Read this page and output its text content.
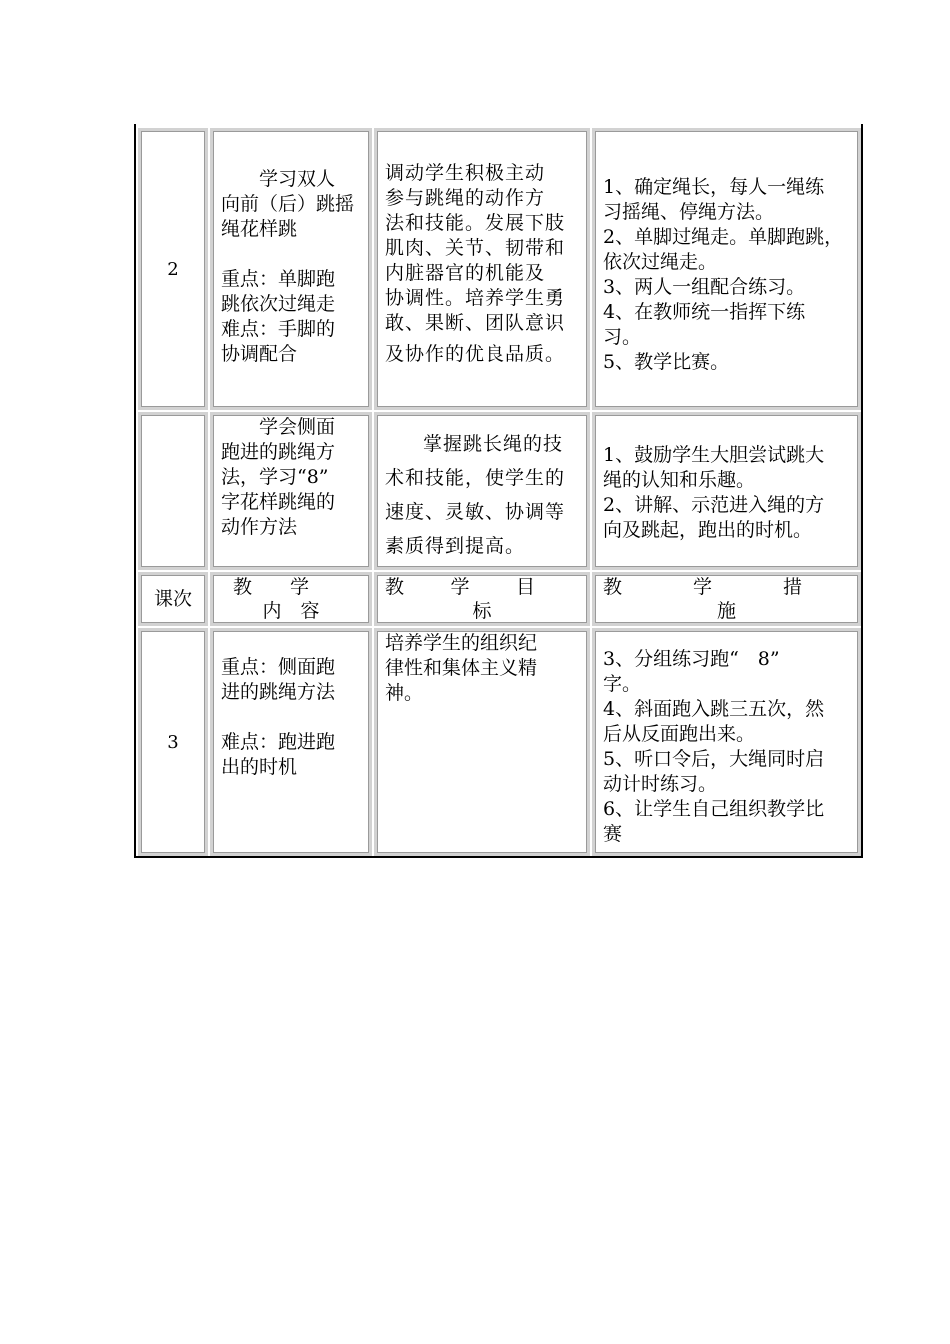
2

学习双人

向前（后）跳摇

绳花样跳

重点：单脚跑

跳依次过绳走

难点：手脚的

协调配合

调动学生积极主动

参与跳绳的动作方

法和技能。发展下肢

肌肉、关节、韧带和

内脏器官的机能及

协调性。培养学生勇

敢、果断、团队意识

及协作的优良品质。

1、确定绳长，每人一绳练

习摇绳、停绳方法。

2、单脚过绳走。单脚跑跳，

依次过绳走。

3、两人一组配合练习。

4、在教师统一指挥下练

习。

5、教学比赛。

学会侧面

跑进的跳绳方

法，学习“8”

字花样跳绳的

动作方法

掌握跳长绳的技

术和技能，使学生的

速度、灵敏、协调等

素质得到提高。

1、鼓励学生大胆尝试跳大

绳的认知和乐趣。

2、讲解、示范进入绳的方

向及跳起，跑出的时机。

课次
教 学
内　容
教 学 目
标
教	学	措
施
3

重点：侧面跑

进的跳绳方法

难点：跑进跑

出的时机

培养学生的组织纪

律性和集体主义精

神。

3、分组练习跑“　8”

字。

4、斜面跑入跳三五次，然

后从反面跑出来。

5、听口令后，大绳同时启

动计时练习。

6、让学生自己组织教学比

赛
